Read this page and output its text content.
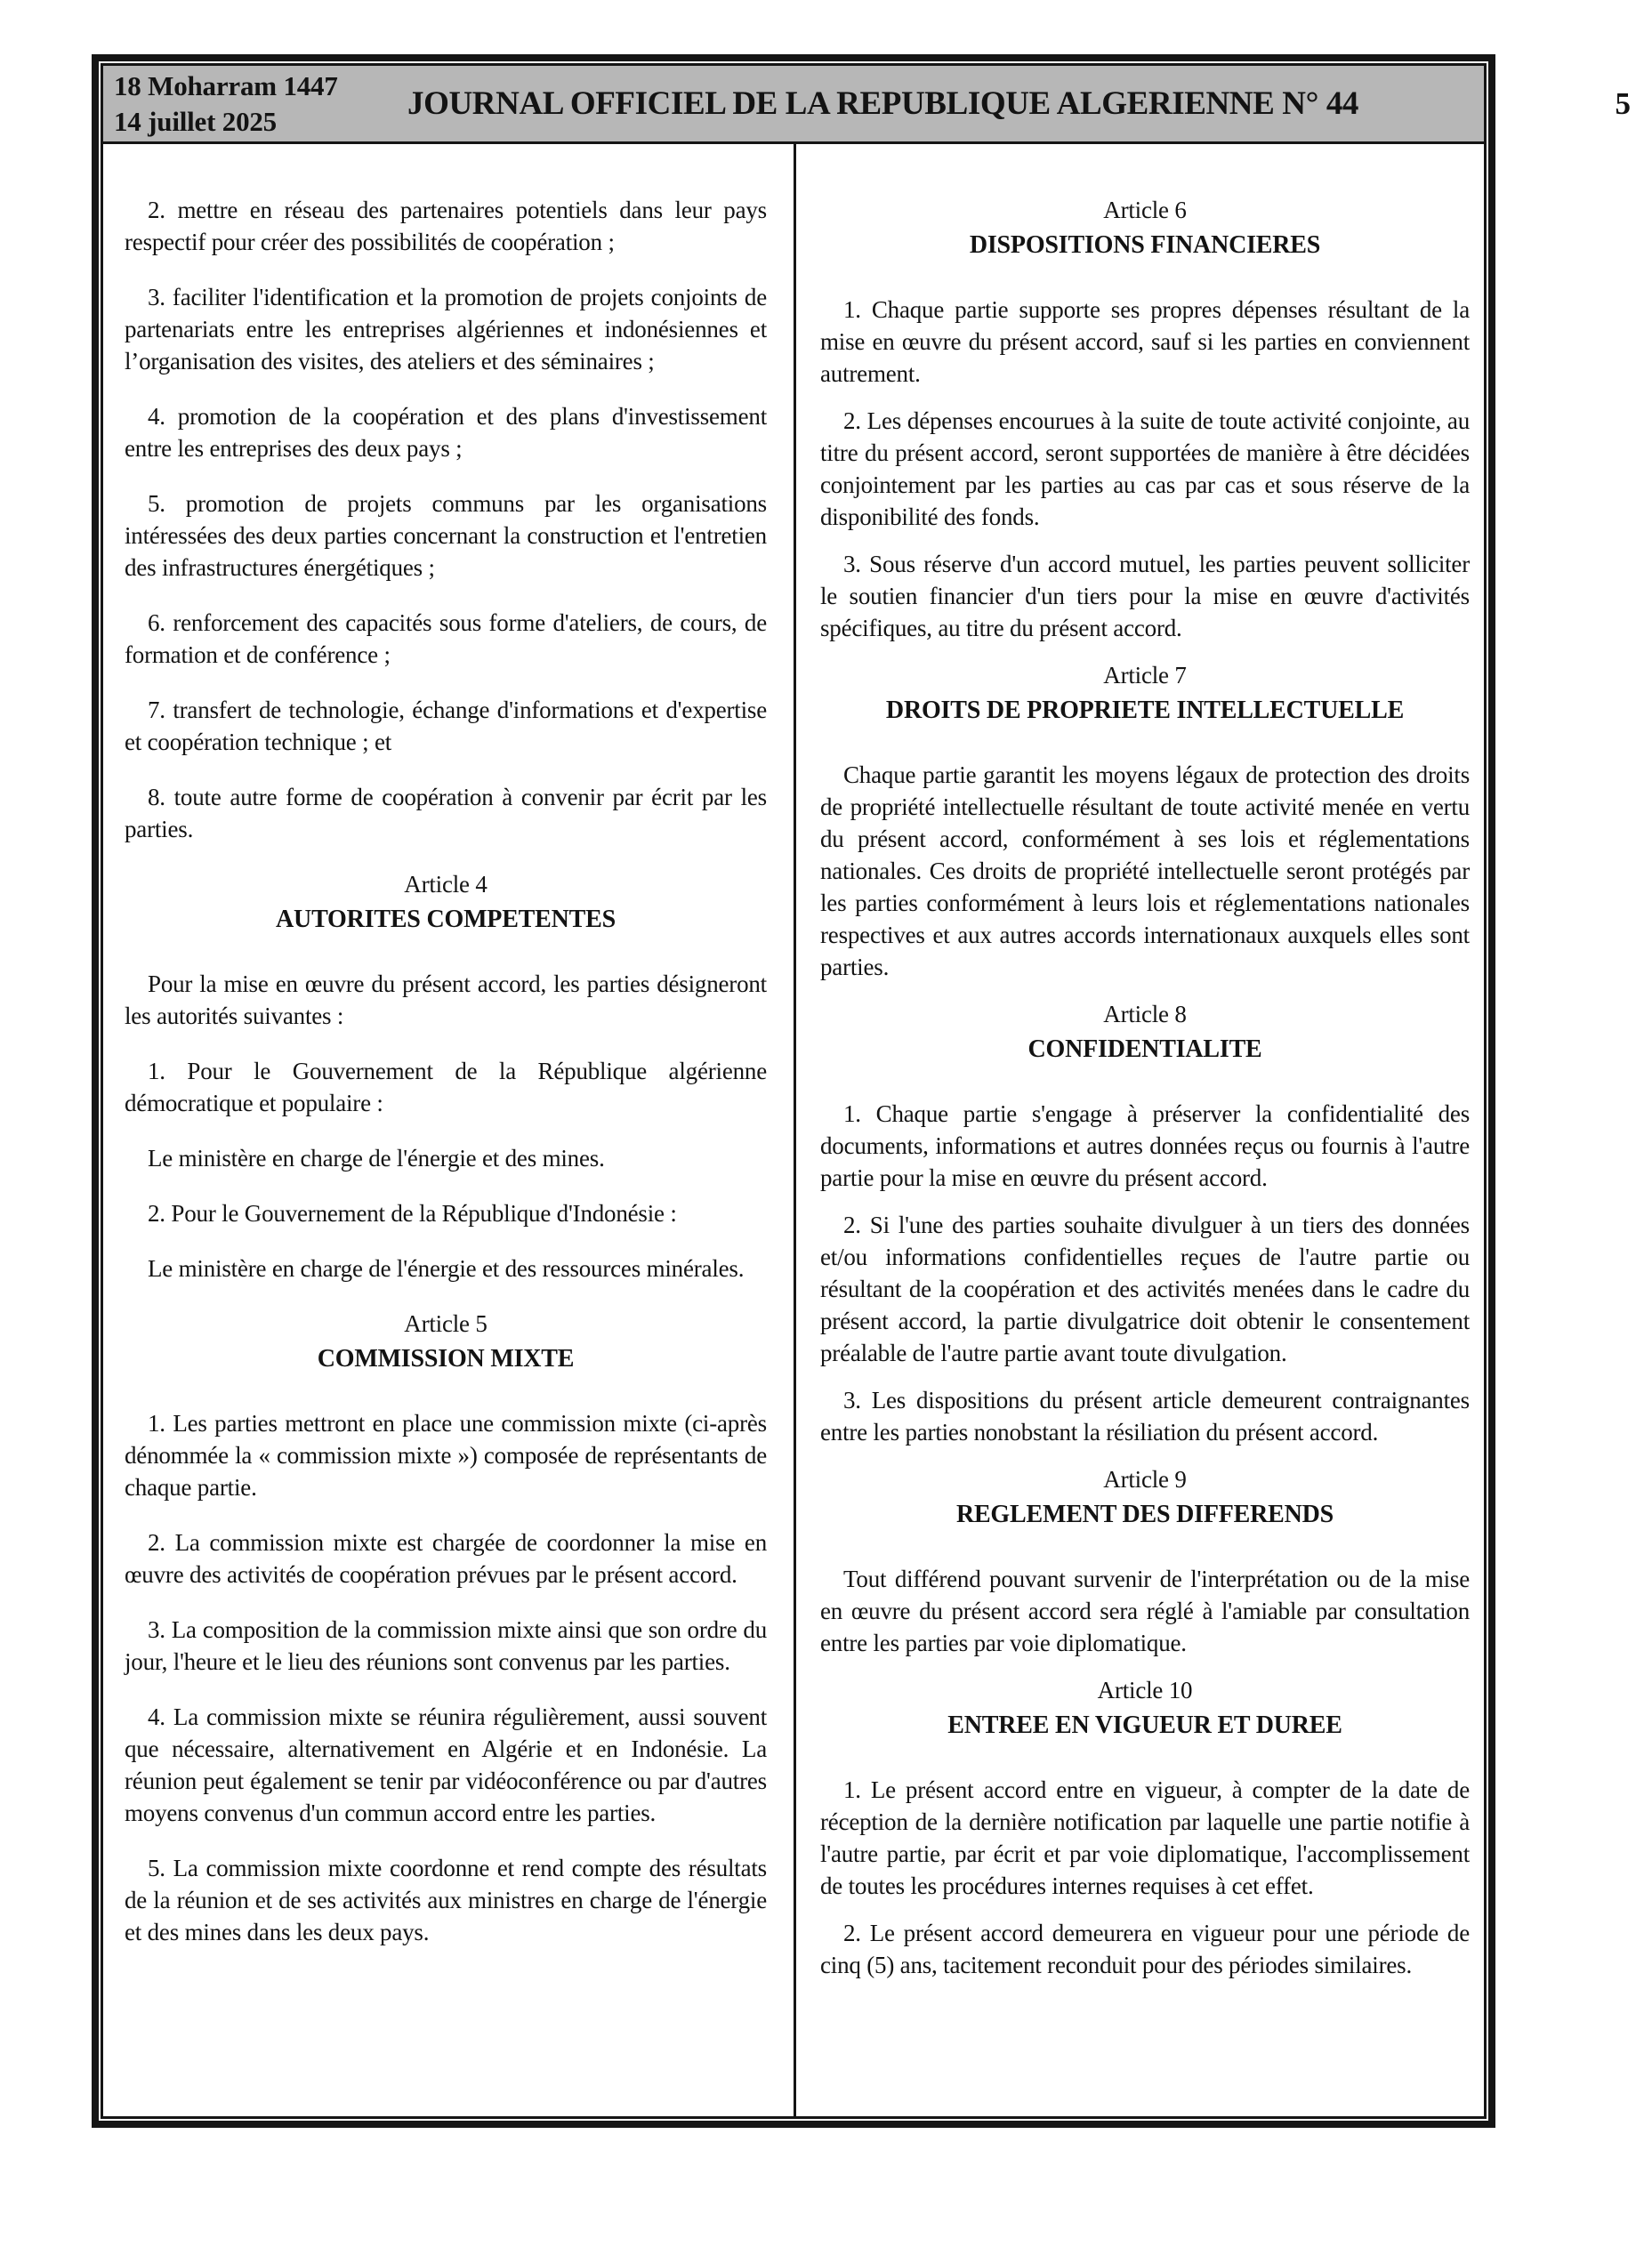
18 Moharram 1447
14 juillet 2025	JOURNAL OFFICIEL DE LA REPUBLIQUE ALGERIENNE N° 44	5

2. mettre en réseau des partenaires potentiels dans leur pays respectif pour créer des possibilités de coopération ;

3. faciliter l'identification et la promotion de projets conjoints de partenariats entre les entreprises algériennes et indonésiennes et l’organisation des visites, des ateliers et des séminaires ;

4. promotion de la coopération et des plans d'investissement entre les entreprises des deux pays ;

5. promotion de projets communs par les organisations intéressées des deux parties concernant la construction et l'entretien des infrastructures énergétiques ;

6. renforcement des capacités sous forme d'ateliers, de cours, de formation et de conférence ;

7. transfert de technologie, échange d'informations et d'expertise et coopération technique ; et

8. toute autre forme de coopération à convenir par écrit par les parties.

Article 4
AUTORITES COMPETENTES

Pour la mise en œuvre du présent accord, les parties désigneront les autorités suivantes :

1. Pour le Gouvernement de la République algérienne démocratique et populaire :

Le ministère en charge de l'énergie et des mines.

2. Pour le Gouvernement de la République d'Indonésie :

Le ministère en charge de l'énergie et des ressources minérales.

Article 5
COMMISSION MIXTE

1. Les parties mettront en place une commission mixte (ci-après dénommée la « commission mixte ») composée de représentants de chaque partie.

2. La commission mixte est chargée de coordonner la mise en œuvre des activités de coopération prévues par le présent accord.

3. La composition de la commission mixte ainsi que son ordre du jour, l'heure et le lieu des réunions sont convenus par les parties.

4. La commission mixte se réunira régulièrement, aussi souvent que nécessaire, alternativement en Algérie et en Indonésie. La réunion peut également se tenir par vidéoconférence ou par d'autres moyens convenus d'un commun accord entre les parties.

5. La commission mixte coordonne et rend compte des résultats de la réunion et de ses activités aux ministres en charge de l'énergie et des mines dans les deux pays.

Article 6
DISPOSITIONS FINANCIERES

1. Chaque partie supporte ses propres dépenses résultant de la mise en œuvre du présent accord, sauf si les parties en conviennent autrement.

2. Les dépenses encourues à la suite de toute activité conjointe, au titre du présent accord, seront supportées de manière à être décidées conjointement par les parties au cas par cas et sous réserve de la disponibilité des fonds.

3. Sous réserve d'un accord mutuel, les parties peuvent solliciter le soutien financier d'un tiers pour la mise en œuvre d'activités spécifiques, au titre du présent accord.

Article 7
DROITS DE PROPRIETE INTELLECTUELLE

Chaque partie garantit les moyens légaux de protection des droits de propriété intellectuelle résultant de toute activité menée en vertu du présent accord, conformément à ses lois et réglementations nationales. Ces droits de propriété intellectuelle seront protégés par les parties conformément à leurs lois et réglementations nationales respectives et aux autres accords internationaux auxquels elles sont parties.

Article 8
CONFIDENTIALITE

1. Chaque partie s'engage à préserver la confidentialité des documents, informations et autres données reçus ou fournis à l'autre partie pour la mise en œuvre du présent accord.

2. Si l'une des parties souhaite divulguer à un tiers des données et/ou informations confidentielles reçues de l'autre partie ou résultant de la coopération et des activités menées dans le cadre du présent accord, la partie divulgatrice doit obtenir le consentement préalable de l'autre partie avant toute divulgation.

3. Les dispositions du présent article demeurent contraignantes entre les parties nonobstant la résiliation du présent accord.

Article 9
REGLEMENT DES DIFFERENDS

Tout différend pouvant survenir de l'interprétation ou de la mise en œuvre du présent accord sera réglé à l'amiable par consultation entre les parties par voie diplomatique.

Article 10
ENTREE EN VIGUEUR ET DUREE

1. Le présent accord entre en vigueur, à compter de la date de réception de la dernière notification par laquelle une partie notifie à l'autre partie, par écrit et par voie diplomatique, l'accomplissement de toutes les procédures internes requises à cet effet.

2. Le présent accord demeurera en vigueur pour une période de cinq (5) ans, tacitement reconduit pour des périodes similaires.
